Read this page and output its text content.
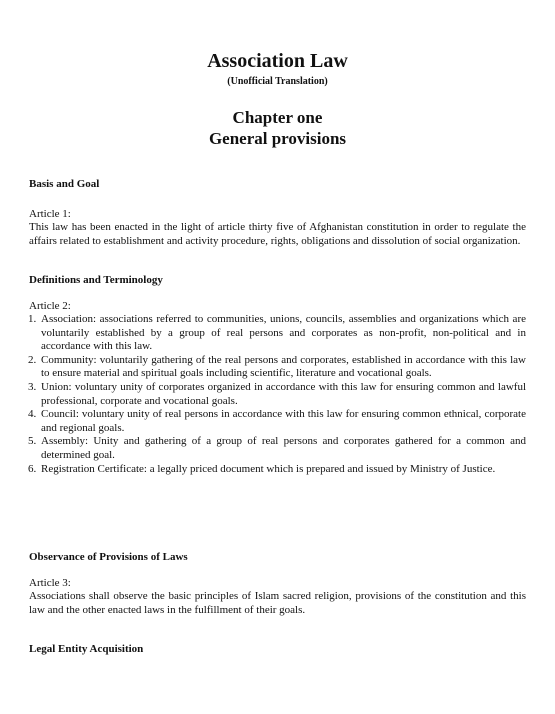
Association Law
(Unofficial Translation)
Chapter one
General provisions
Basis and Goal
Article 1:

This law has been enacted in the light of article thirty five of Afghanistan constitution in order to regulate the affairs related to establishment and activity procedure, rights, obligations and dissolution of social organization.

Definitions and Terminology
Article 2:
1. Association: associations referred to communities, unions, councils, assemblies and organizations which are voluntarily established by a group of real persons and corporates as non-profit, non-political and in accordance with this law.
2. Community: voluntarily gathering of the real persons and corporates, established in accordance with this law to ensure material and spiritual goals including scientific, literature and vocational goals.
3. Union: voluntary unity of corporates organized in accordance with this law for ensuring common and lawful professional, corporate and vocational goals.
4. Council: voluntary unity of real persons in accordance with this law for ensuring common ethnical, corporate and regional goals.
5. Assembly: Unity and gathering of a group of real persons and corporates gathered for a common and determined goal.
6. Registration Certificate: a legally priced document which is prepared and issued by Ministry of Justice.
Observance of Provisions of Laws
Article 3:

Associations shall observe the basic principles of Islam sacred religion, provisions of the constitution and this law and the other enacted laws in the fulfillment of their goals.

Legal Entity Acquisition
